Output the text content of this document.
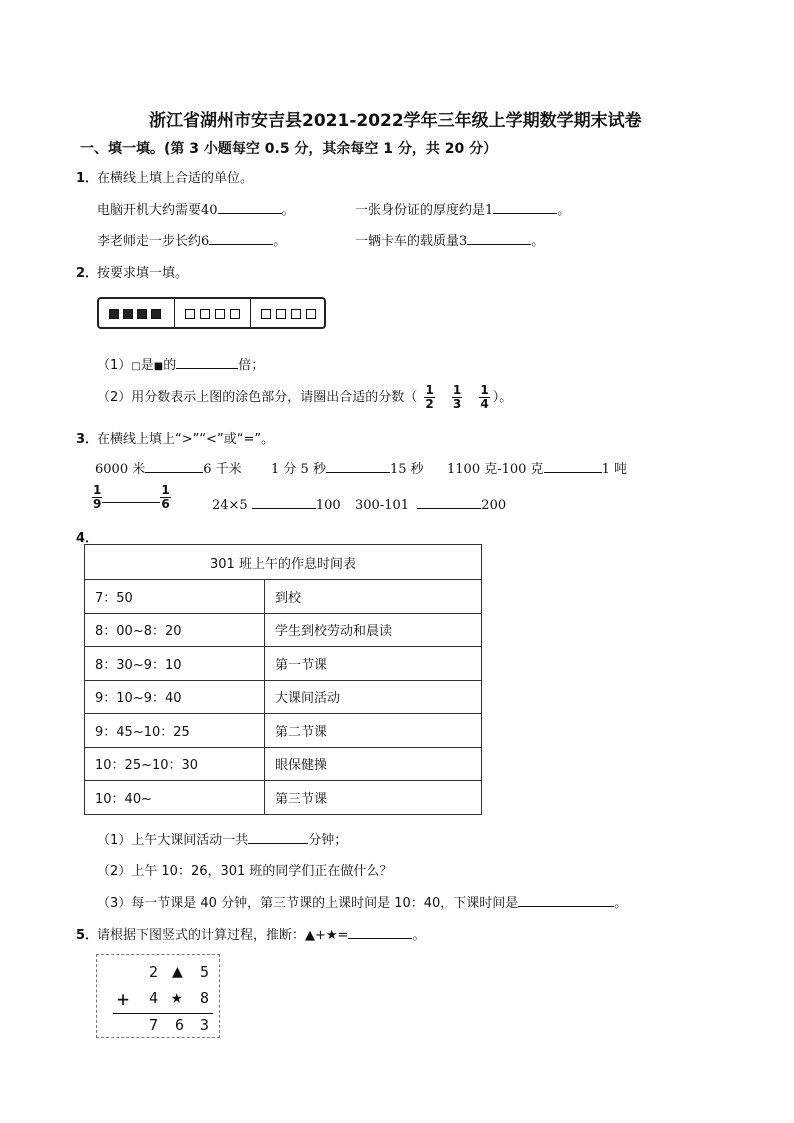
浙江省湖州市安吉县2021-2022学年三年级上学期数学期末试卷
一、填一填。(第 3 小题每空 0.5 分，其余每空 1 分，共 20 分）
1．
在横线上填上合适的单位。
电脑开机大约需要40	。	一张身份证的厚度约是1	。
李老师走一步长约6	。	一辆卡车的载质量3	。
2．
按要求填一填。
（1）□是■的	倍；
（2）用分数表示上图的涂色部分，请圈出合适的分数（ $\frac{1}{2}$
$\frac{1}{3}$
$\frac{1}{4}$ ）。
3．
在横线上填上“>”“<”或“=”。
6000 米	6 千米 1 分 5 秒	15 秒 1100 克-100 克	1 吨
$\frac{1}{9}$	$\frac{1}{6}$	24×5	100 300-101	200
4．
301 班上午的作息时间表	
7：50	到校
8：00~8：20	学生到校劳动和晨读
8：30~9：10	第一节课
9：10~9：40	大课间活动
9：45~10：25	第二节课
10：25~10：30	眼保健操
10：40~	第三节课
（1）上午大课间活动一共	分钟；
（2）上午 10：26，301 班的同学们正在做什么？
（3）每一节课是 40 分钟，第三节课的上课时间是 10：40，下课时间是	。
5．
请根据下图竖式的计算过程，推断：▲+★=	。
2 ▲ 5
+ 4 ★ 8
7 6 3
